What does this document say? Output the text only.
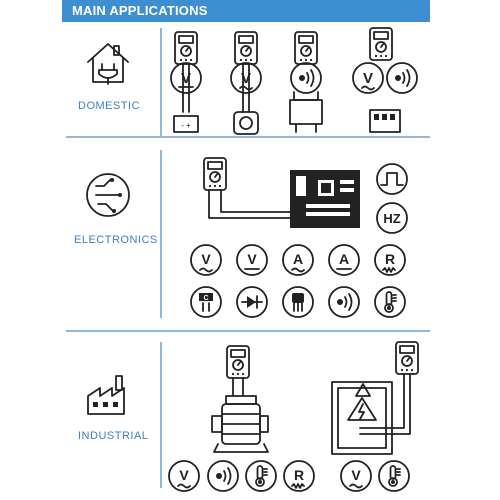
MAIN APPLICATIONS
DOMESTIC
ELECTRONICS
INDUSTRIAL
V
- +
V	V
HZ
V	V	A	A	R
C
V	R	V
